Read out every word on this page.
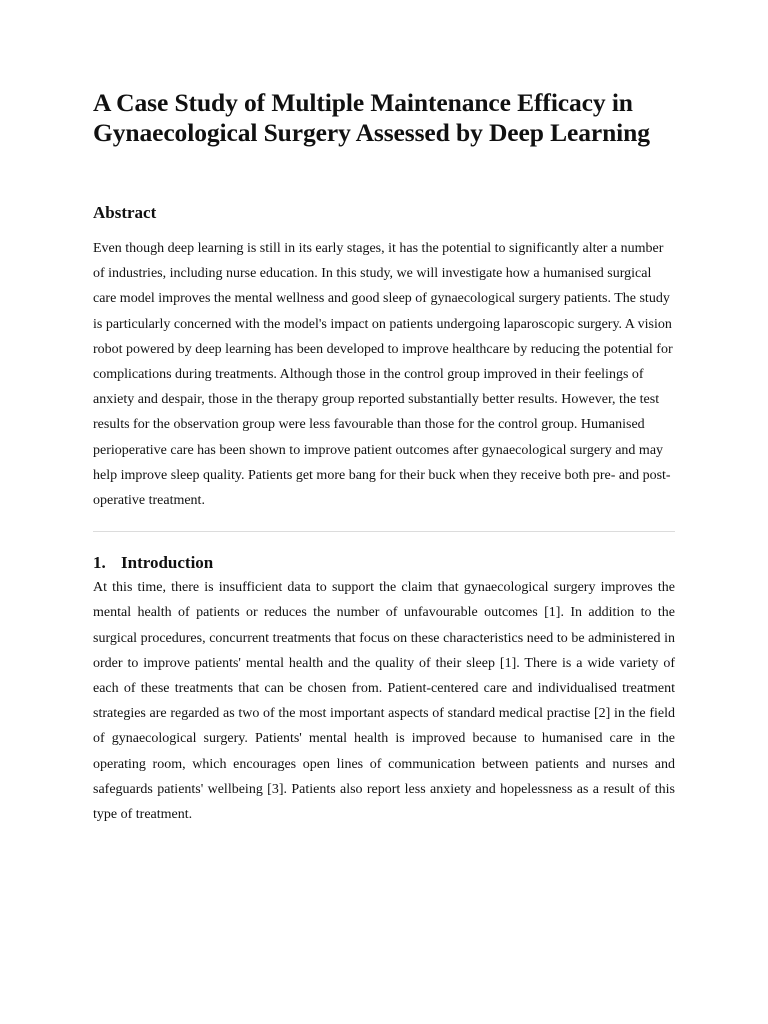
A Case Study of Multiple Maintenance Efficacy in Gynaecological Surgery Assessed by Deep Learning
Abstract

Even though deep learning is still in its early stages, it has the potential to significantly alter a number of industries, including nurse education. In this study, we will investigate how a humanised surgical care model improves the mental wellness and good sleep of gynaecological surgery patients. The study is particularly concerned with the model's impact on patients undergoing laparoscopic surgery. A vision robot powered by deep learning has been developed to improve healthcare by reducing the potential for complications during treatments. Although those in the control group improved in their feelings of anxiety and despair, those in the therapy group reported substantially better results. However, the test results for the observation group were less favourable than those for the control group. Humanised perioperative care has been shown to improve patient outcomes after gynaecological surgery and may help improve sleep quality. Patients get more bang for their buck when they receive both pre- and post-operative treatment.

1. Introduction

At this time, there is insufficient data to support the claim that gynaecological surgery improves the mental health of patients or reduces the number of unfavourable outcomes [1]. In addition to the surgical procedures, concurrent treatments that focus on these characteristics need to be administered in order to improve patients' mental health and the quality of their sleep [1]. There is a wide variety of each of these treatments that can be chosen from. Patient-centered care and individualised treatment strategies are regarded as two of the most important aspects of standard medical practise [2] in the field of gynaecological surgery. Patients' mental health is improved because to humanised care in the operating room, which encourages open lines of communication between patients and nurses and safeguards patients' wellbeing [3]. Patients also report less anxiety and hopelessness as a result of this type of treatment.
